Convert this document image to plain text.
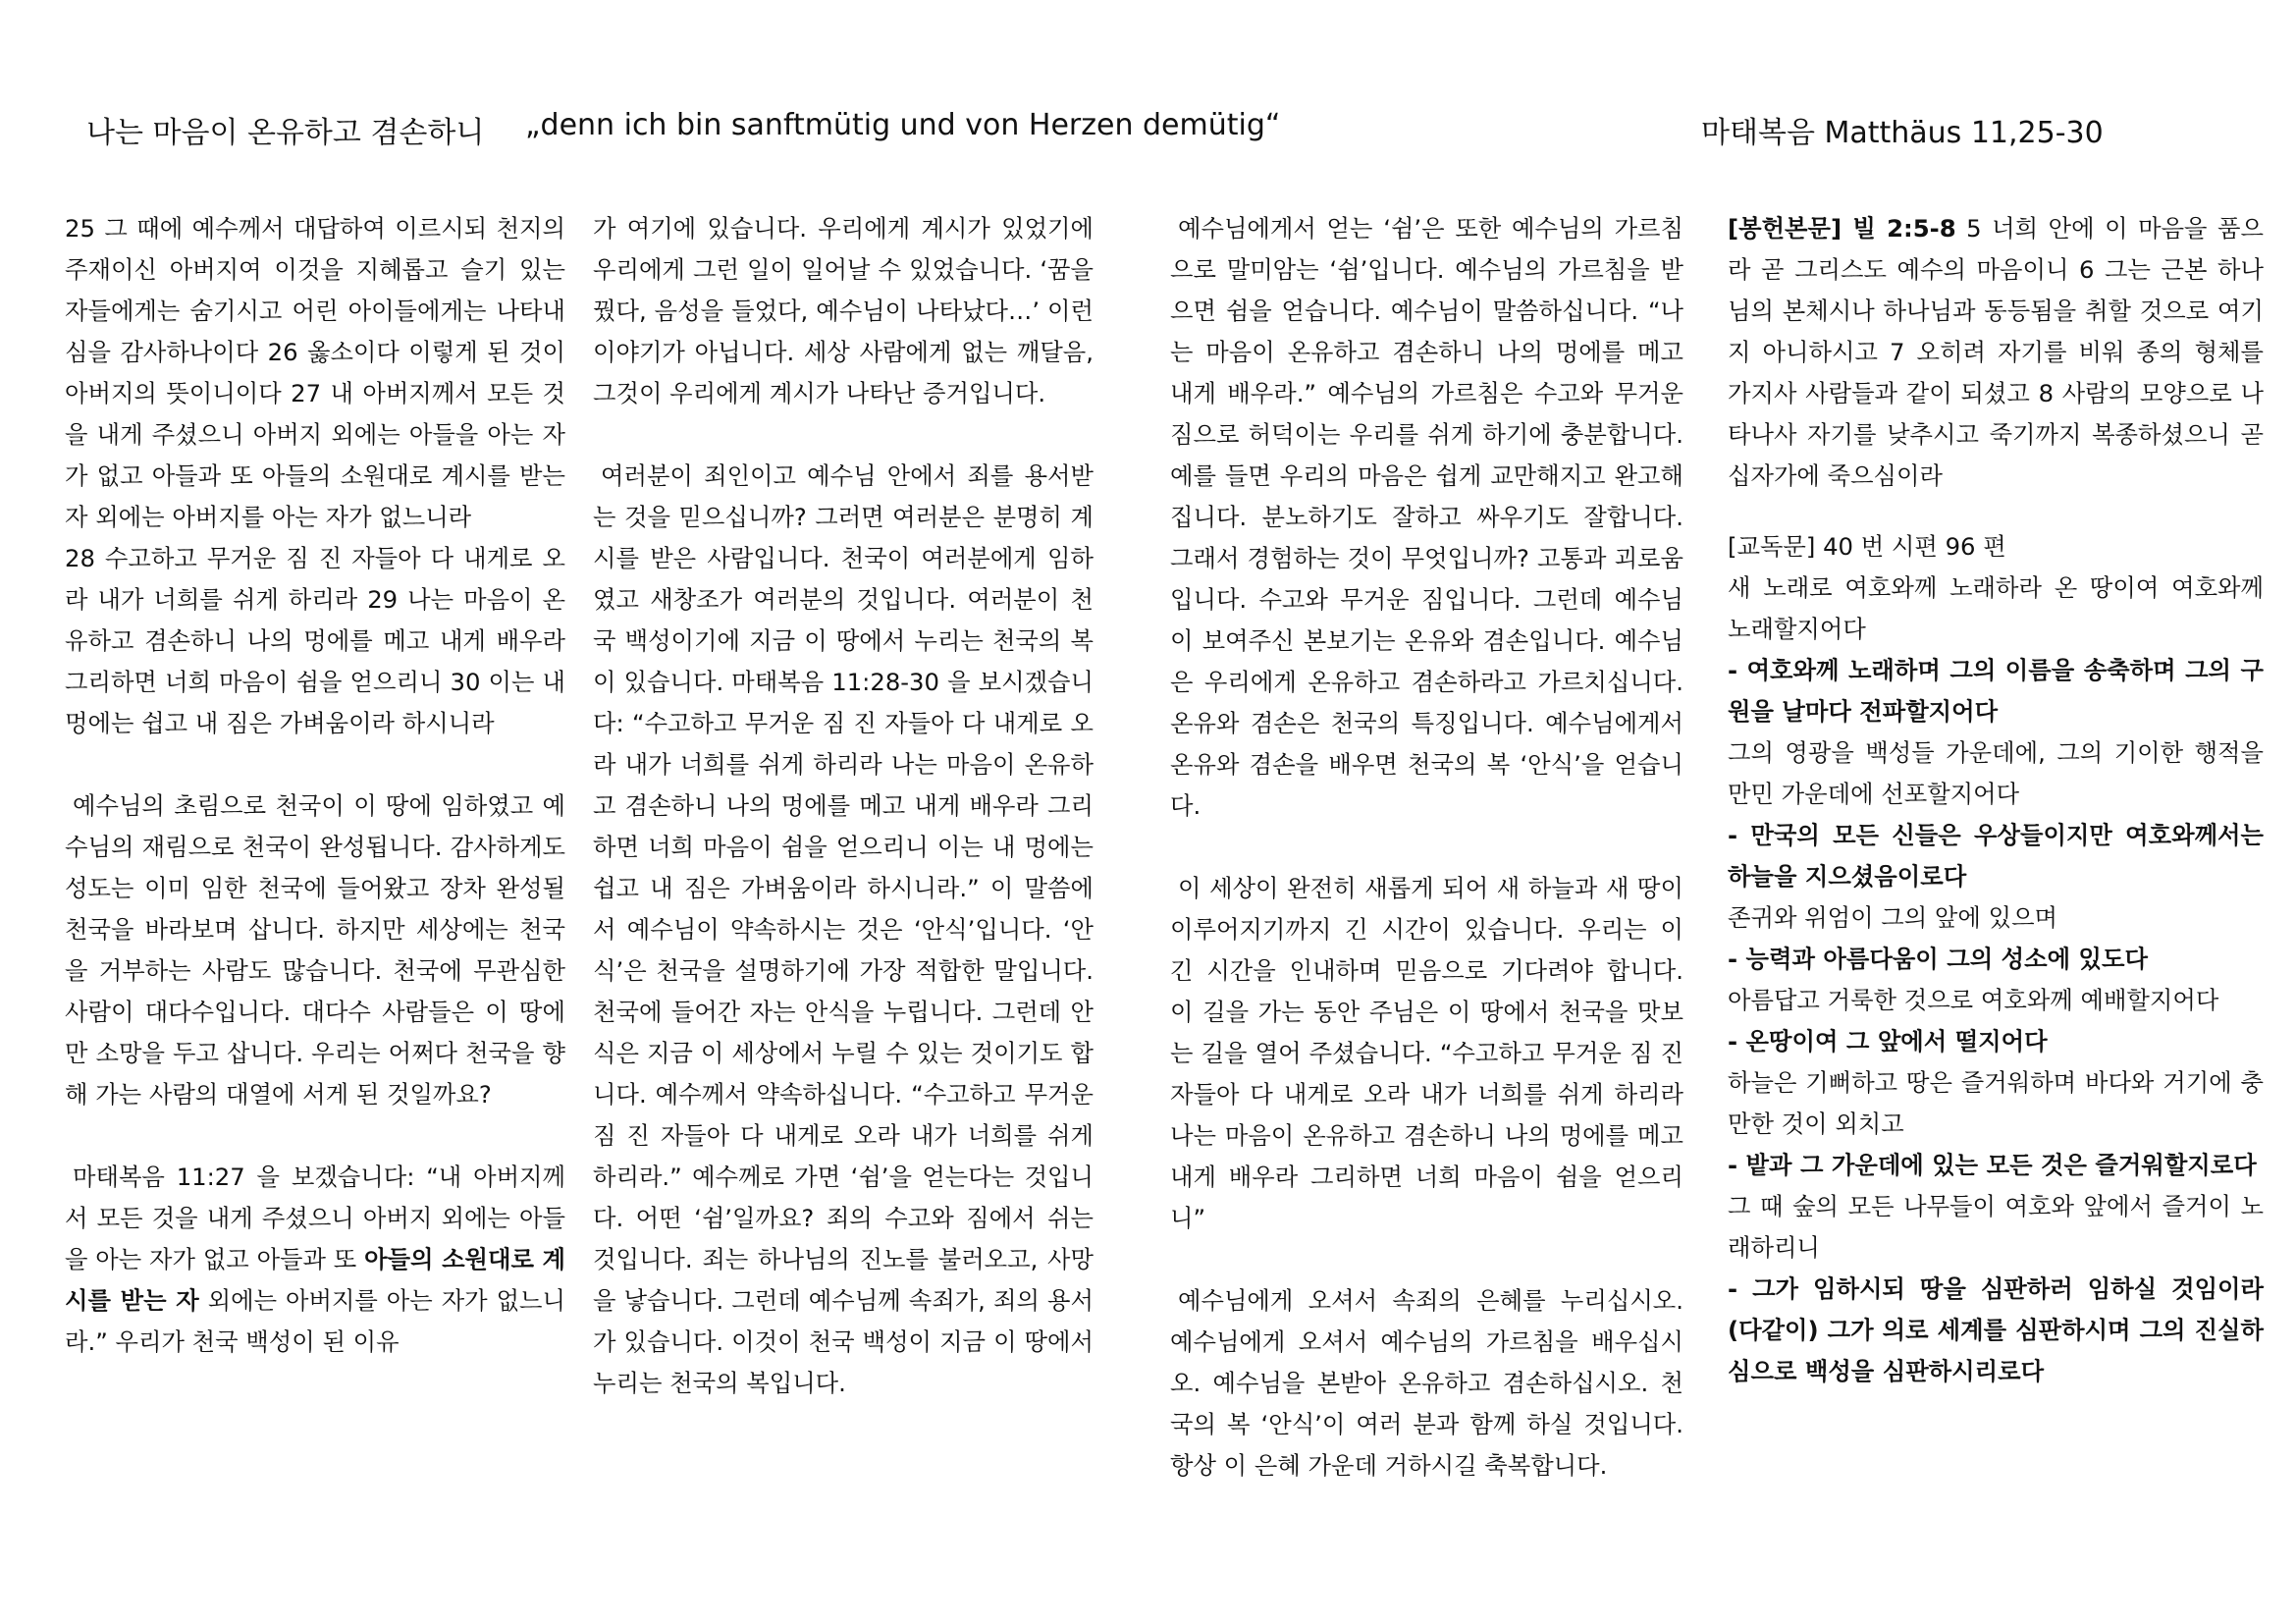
나는 마음이 온유하고 겸손하니 „denn ich bin sanftmütig und von Herzen demütig“	마태복음 Matthäus 11,25-30

25 그 때에 예수께서 대답하여 이르시되 천지의 주재이신 아버지여 이것을 지혜롭고 슬기 있는 자들에게는 숨기시고 어린 아이들에게는 나타내심을 감사하나이다 26 옳소이다 이렇게 된 것이 아버지의 뜻이니이다 27 내 아버지께서 모든 것을 내게 주셨으니 아버지 외에는 아들을 아는 자가 없고 아들과 또 아들의 소원대로 계시를 받는 자 외에는 아버지를 아는 자가 없느니라

28 수고하고 무거운 짐 진 자들아 다 내게로 오라 내가 너희를 쉬게 하리라 29 나는 마음이 온유하고 겸손하니 나의 멍에를 메고 내게 배우라 그리하면 너희 마음이 쉼을 얻으리니 30 이는 내 멍에는 쉽고 내 짐은 가벼움이라 하시니라

예수님의 초림으로 천국이 이 땅에 임하였고 예수님의 재림으로 천국이 완성됩니다. 감사하게도 성도는 이미 임한 천국에 들어왔고 장차 완성될 천국을 바라보며 삽니다. 하지만 세상에는 천국을 거부하는 사람도 많습니다. 천국에 무관심한 사람이 대다수입니다. 대다수 사람들은 이 땅에만 소망을 두고 삽니다. 우리는 어쩌다 천국을 향해 가는 사람의 대열에 서게 된 것일까요?

마태복음 11:27 을 보겠습니다: “내 아버지께서 모든 것을 내게 주셨으니 아버지 외에는 아들을 아는 자가 없고 아들과 또 아들의 소원대로 계시를 받는 자 외에는 아버지를 아는 자가 없느니라.” 우리가 천국 백성이 된 이유

가 여기에 있습니다. 우리에게 계시가 있었기에 우리에게 그런 일이 일어날 수 있었습니다. ‘꿈을 꿨다, 음성을 들었다, 예수님이 나타났다…’ 이런 이야기가 아닙니다. 세상 사람에게 없는 깨달음, 그것이 우리에게 계시가 나타난 증거입니다.

여러분이 죄인이고 예수님 안에서 죄를 용서받는 것을 믿으십니까? 그러면 여러분은 분명히 계시를 받은 사람입니다. 천국이 여러분에게 임하였고 새창조가 여러분의 것입니다. 여러분이 천국 백성이기에 지금 이 땅에서 누리는 천국의 복이 있습니다. 마태복음 11:28-30 을 보시겠습니다: “수고하고 무거운 짐 진 자들아 다 내게로 오라 내가 너희를 쉬게 하리라 나는 마음이 온유하고 겸손하니 나의 멍에를 메고 내게 배우라 그리하면 너희 마음이 쉼을 얻으리니 이는 내 멍에는 쉽고 내 짐은 가벼움이라 하시니라.” 이 말씀에서 예수님이 약속하시는 것은 ‘안식’입니다. ‘안식’은 천국을 설명하기에 가장 적합한 말입니다. 천국에 들어간 자는 안식을 누립니다. 그런데 안식은 지금 이 세상에서 누릴 수 있는 것이기도 합니다. 예수께서 약속하십니다. “수고하고 무거운 짐 진 자들아 다 내게로 오라 내가 너희를 쉬게 하리라.” 예수께로 가면 ‘쉼’을 얻는다는 것입니다. 어떤 ‘쉼’일까요? 죄의 수고와 짐에서 쉬는 것입니다. 죄는 하나님의 진노를 불러오고, 사망을 낳습니다. 그런데 예수님께 속죄가, 죄의 용서가 있습니다. 이것이 천국 백성이 지금 이 땅에서 누리는 천국의 복입니다.

예수님에게서 얻는 ‘쉼’은 또한 예수님의 가르침으로 말미암는 ‘쉼’입니다. 예수님의 가르침을 받으면 쉼을 얻습니다. 예수님이 말씀하십니다. “나는 마음이 온유하고 겸손하니 나의 멍에를 메고 내게 배우라.” 예수님의 가르침은 수고와 무거운 짐으로 허덕이는 우리를 쉬게 하기에 충분합니다. 예를 들면 우리의 마음은 쉽게 교만해지고 완고해집니다. 분노하기도 잘하고 싸우기도 잘합니다. 그래서 경험하는 것이 무엇입니까? 고통과 괴로움입니다. 수고와 무거운 짐입니다. 그런데 예수님이 보여주신 본보기는 온유와 겸손입니다. 예수님은 우리에게 온유하고 겸손하라고 가르치십니다. 온유와 겸손은 천국의 특징입니다. 예수님에게서 온유와 겸손을 배우면 천국의 복 ‘안식’을 얻습니다.

이 세상이 완전히 새롭게 되어 새 하늘과 새 땅이 이루어지기까지 긴 시간이 있습니다. 우리는 이 긴 시간을 인내하며 믿음으로 기다려야 합니다. 이 길을 가는 동안 주님은 이 땅에서 천국을 맛보는 길을 열어 주셨습니다. “수고하고 무거운 짐 진 자들아 다 내게로 오라 내가 너희를 쉬게 하리라 나는 마음이 온유하고 겸손하니 나의 멍에를 메고 내게 배우라 그리하면 너희 마음이 쉼을 얻으리니”

예수님에게 오셔서 속죄의 은혜를 누리십시오. 예수님에게 오셔서 예수님의 가르침을 배우십시오. 예수님을 본받아 온유하고 겸손하십시오. 천국의 복 ‘안식’이 여러 분과 함께 하실 것입니다. 항상 이 은혜 가운데 거하시길 축복합니다.

[봉헌본문] 빌 2:5-8 5 너희 안에 이 마음을 품으라 곧 그리스도 예수의 마음이니 6 그는 근본 하나님의 본체시나 하나님과 동등됨을 취할 것으로 여기지 아니하시고 7 오히려 자기를 비워 종의 형체를 가지사 사람들과 같이 되셨고 8 사람의 모양으로 나타나사 자기를 낮추시고 죽기까지 복종하셨으니 곧 십자가에 죽으심이라

[교독문] 40 번 시편 96 편

새 노래로 여호와께 노래하라 온 땅이여 여호와께 노래할지어다

- 여호와께 노래하며 그의 이름을 송축하며 그의 구원을 날마다 전파할지어다

그의 영광을 백성들 가운데에, 그의 기이한 행적을 만민 가운데에 선포할지어다

- 만국의 모든 신들은 우상들이지만 여호와께서는 하늘을 지으셨음이로다

존귀와 위엄이 그의 앞에 있으며

- 능력과 아름다움이 그의 성소에 있도다

아름답고 거룩한 것으로 여호와께 예배할지어다

- 온땅이여 그 앞에서 떨지어다

하늘은 기뻐하고 땅은 즐거워하며 바다와 거기에 충만한 것이 외치고

- 밭과 그 가운데에 있는 모든 것은 즐거워할지로다

그 때 숲의 모든 나무들이 여호와 앞에서 즐거이 노래하리니

- 그가 임하시되 땅을 심판하러 임하실 것임이라 (다같이) 그가 의로 세계를 심판하시며 그의 진실하심으로 백성을 심판하시리로다
